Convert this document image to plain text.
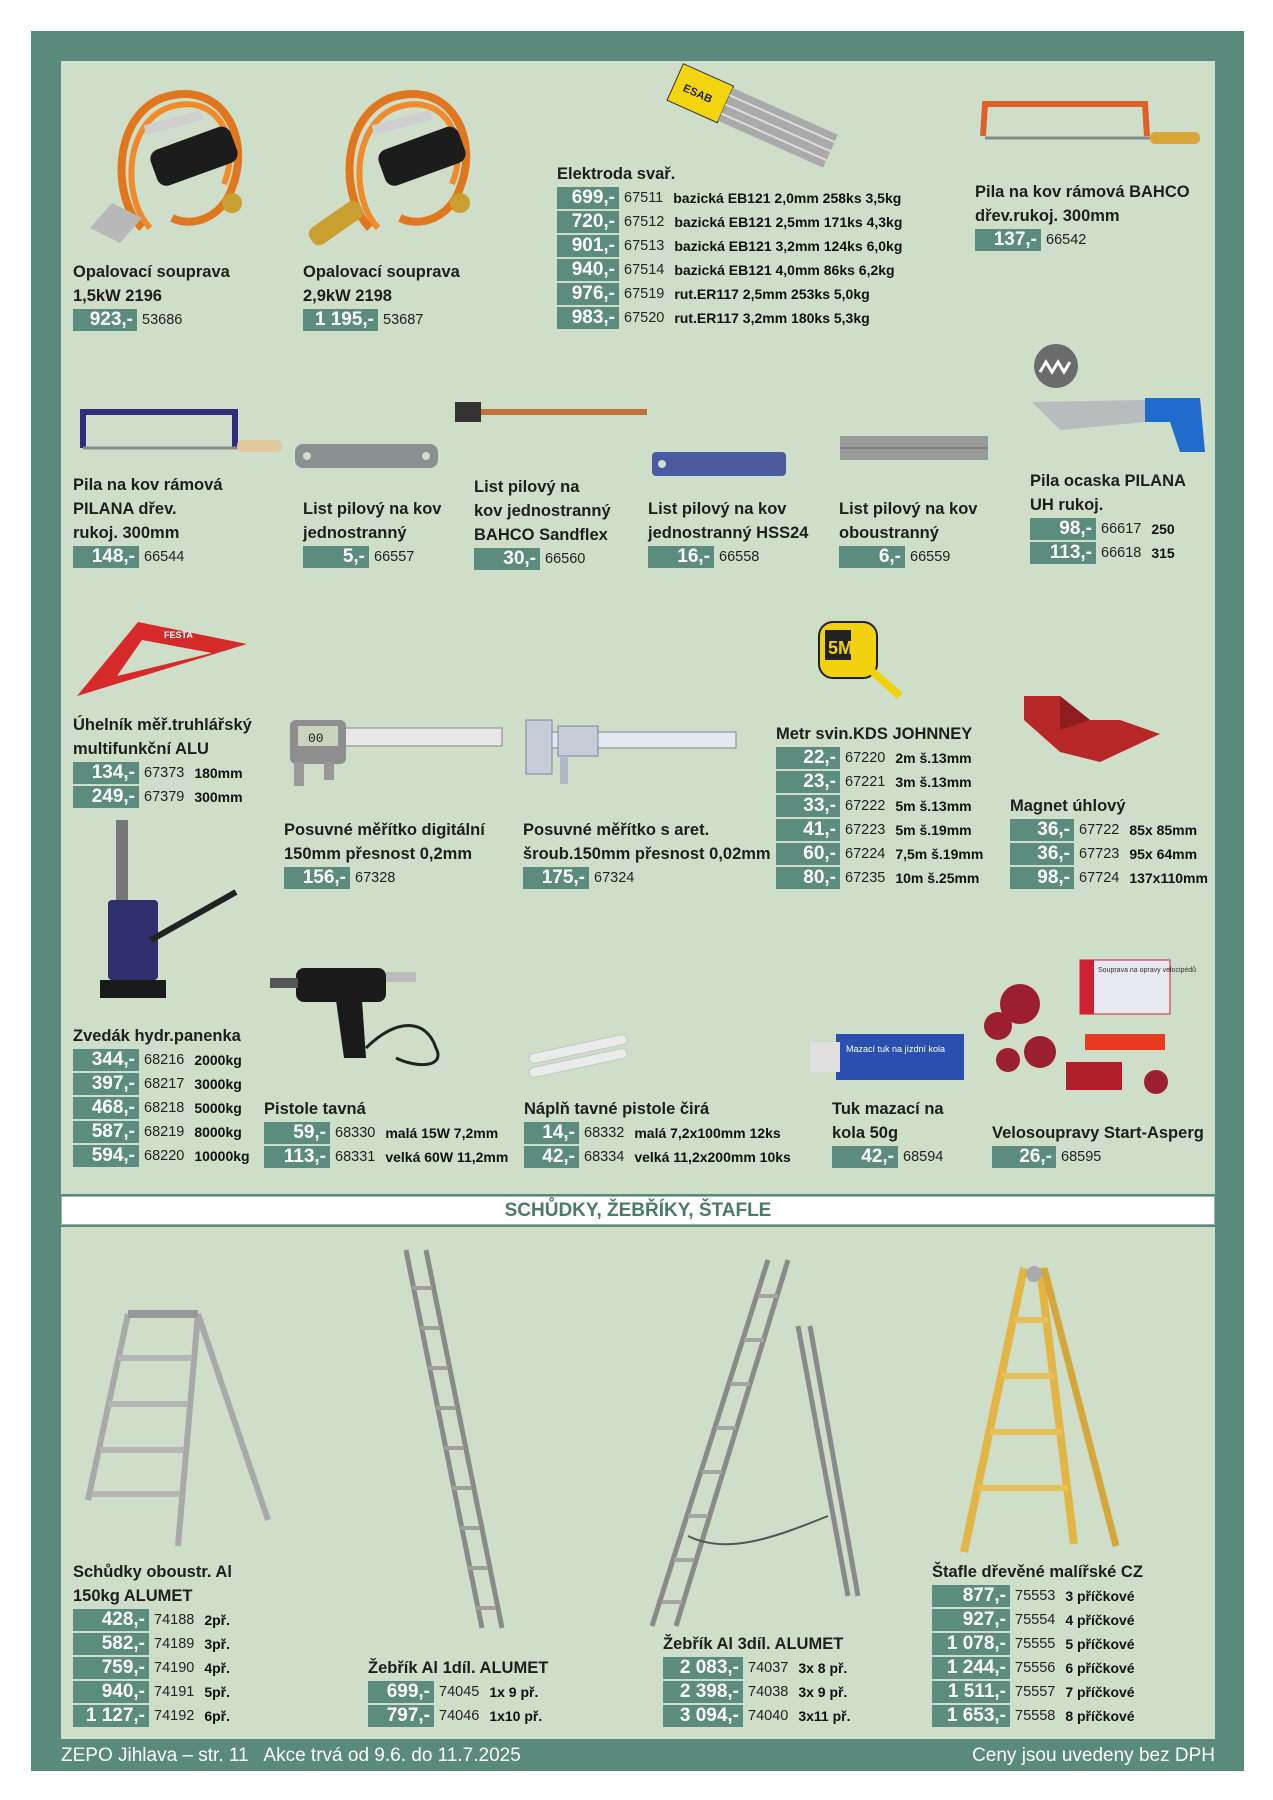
SCHŮDKY, ŽEBŘÍKY, ŠTAFLE
ESAB
FESTA
00
5M
Mazací tuk na jízdní kola
Souprava na opravy velocipédů
Opalovací souprava
1,5kW 2196
923,- 53686
Opalovací souprava
2,9kW 2198
1 195,- 53687
Elektroda svař.
699,- 67511 bazická EB121 2,0mm 258ks 3,5kg
720,- 67512 bazická EB121 2,5mm 171ks 4,3kg
901,- 67513 bazická EB121 3,2mm 124ks 6,0kg
940,- 67514 bazická EB121 4,0mm 86ks 6,2kg
976,- 67519 rut.ER117 2,5mm 253ks 5,0kg
983,- 67520 rut.ER117 3,2mm 180ks 5,3kg
Pila na kov rámová BAHCO
dřev.rukoj. 300mm
137,- 66542
Pila na kov rámová
PILANA dřev.
rukoj. 300mm
148,- 66544
List pilový na kov
jednostranný
5,- 66557
List pilový na
kov jednostranný
BAHCO Sandflex
30,- 66560
List pilový na kov
jednostranný HSS24
16,- 66558
List pilový na kov
oboustranný
6,- 66559
Pila ocaska PILANA
UH rukoj.
98,- 66617 250
113,- 66618 315
Úhelník měř.truhlářský
multifunkční ALU
134,- 67373 180mm
249,- 67379 300mm
Posuvné měřítko digitální
150mm přesnost 0,2mm
156,- 67328
Posuvné měřítko s aret.
šroub.150mm přesnost 0,02mm
175,- 67324
Metr svin.KDS JOHNNEY
22,- 67220 2m š.13mm
23,- 67221 3m š.13mm
33,- 67222 5m š.13mm
41,- 67223 5m š.19mm
60,- 67224 7,5m š.19mm
80,- 67235 10m š.25mm
Magnet úhlový
36,- 67722 85x 85mm
36,- 67723 95x 64mm
98,- 67724 137x110mm
Zvedák hydr.panenka
344,- 68216 2000kg
397,- 68217 3000kg
468,- 68218 5000kg
587,- 68219 8000kg
594,- 68220 10000kg
Pistole tavná
59,- 68330 malá 15W 7,2mm
113,- 68331 velká 60W 11,2mm
Náplň tavné pistole čirá
14,- 68332 malá 7,2x100mm 12ks
42,- 68334 velká 11,2x200mm 10ks
Tuk mazací na
kola 50g
42,- 68594
Velosoupravy Start-Asperg
26,- 68595
Schůdky oboustr. Al
150kg ALUMET
428,- 74188 2př.
582,- 74189 3př.
759,- 74190 4př.
940,- 74191 5př.
1 127,- 74192 6př.
Žebřík Al 1díl. ALUMET
699,- 74045 1x 9 př.
797,- 74046 1x10 př.
Žebřík Al 3díl. ALUMET
2 083,- 74037 3x 8 př.
2 398,- 74038 3x 9 př.
3 094,- 74040 3x11 př.
Štafle dřevěné malířské CZ
877,- 75553 3 příčkové
927,- 75554 4 příčkové
1 078,- 75555 5 příčkové
1 244,- 75556 6 příčkové
1 511,- 75557 7 příčkové
1 653,- 75558 8 příčkové
ZEPO Jihlava – str. 11   Akce trvá od 9.6. do 11.7.2025	Ceny jsou uvedeny bez DPH
